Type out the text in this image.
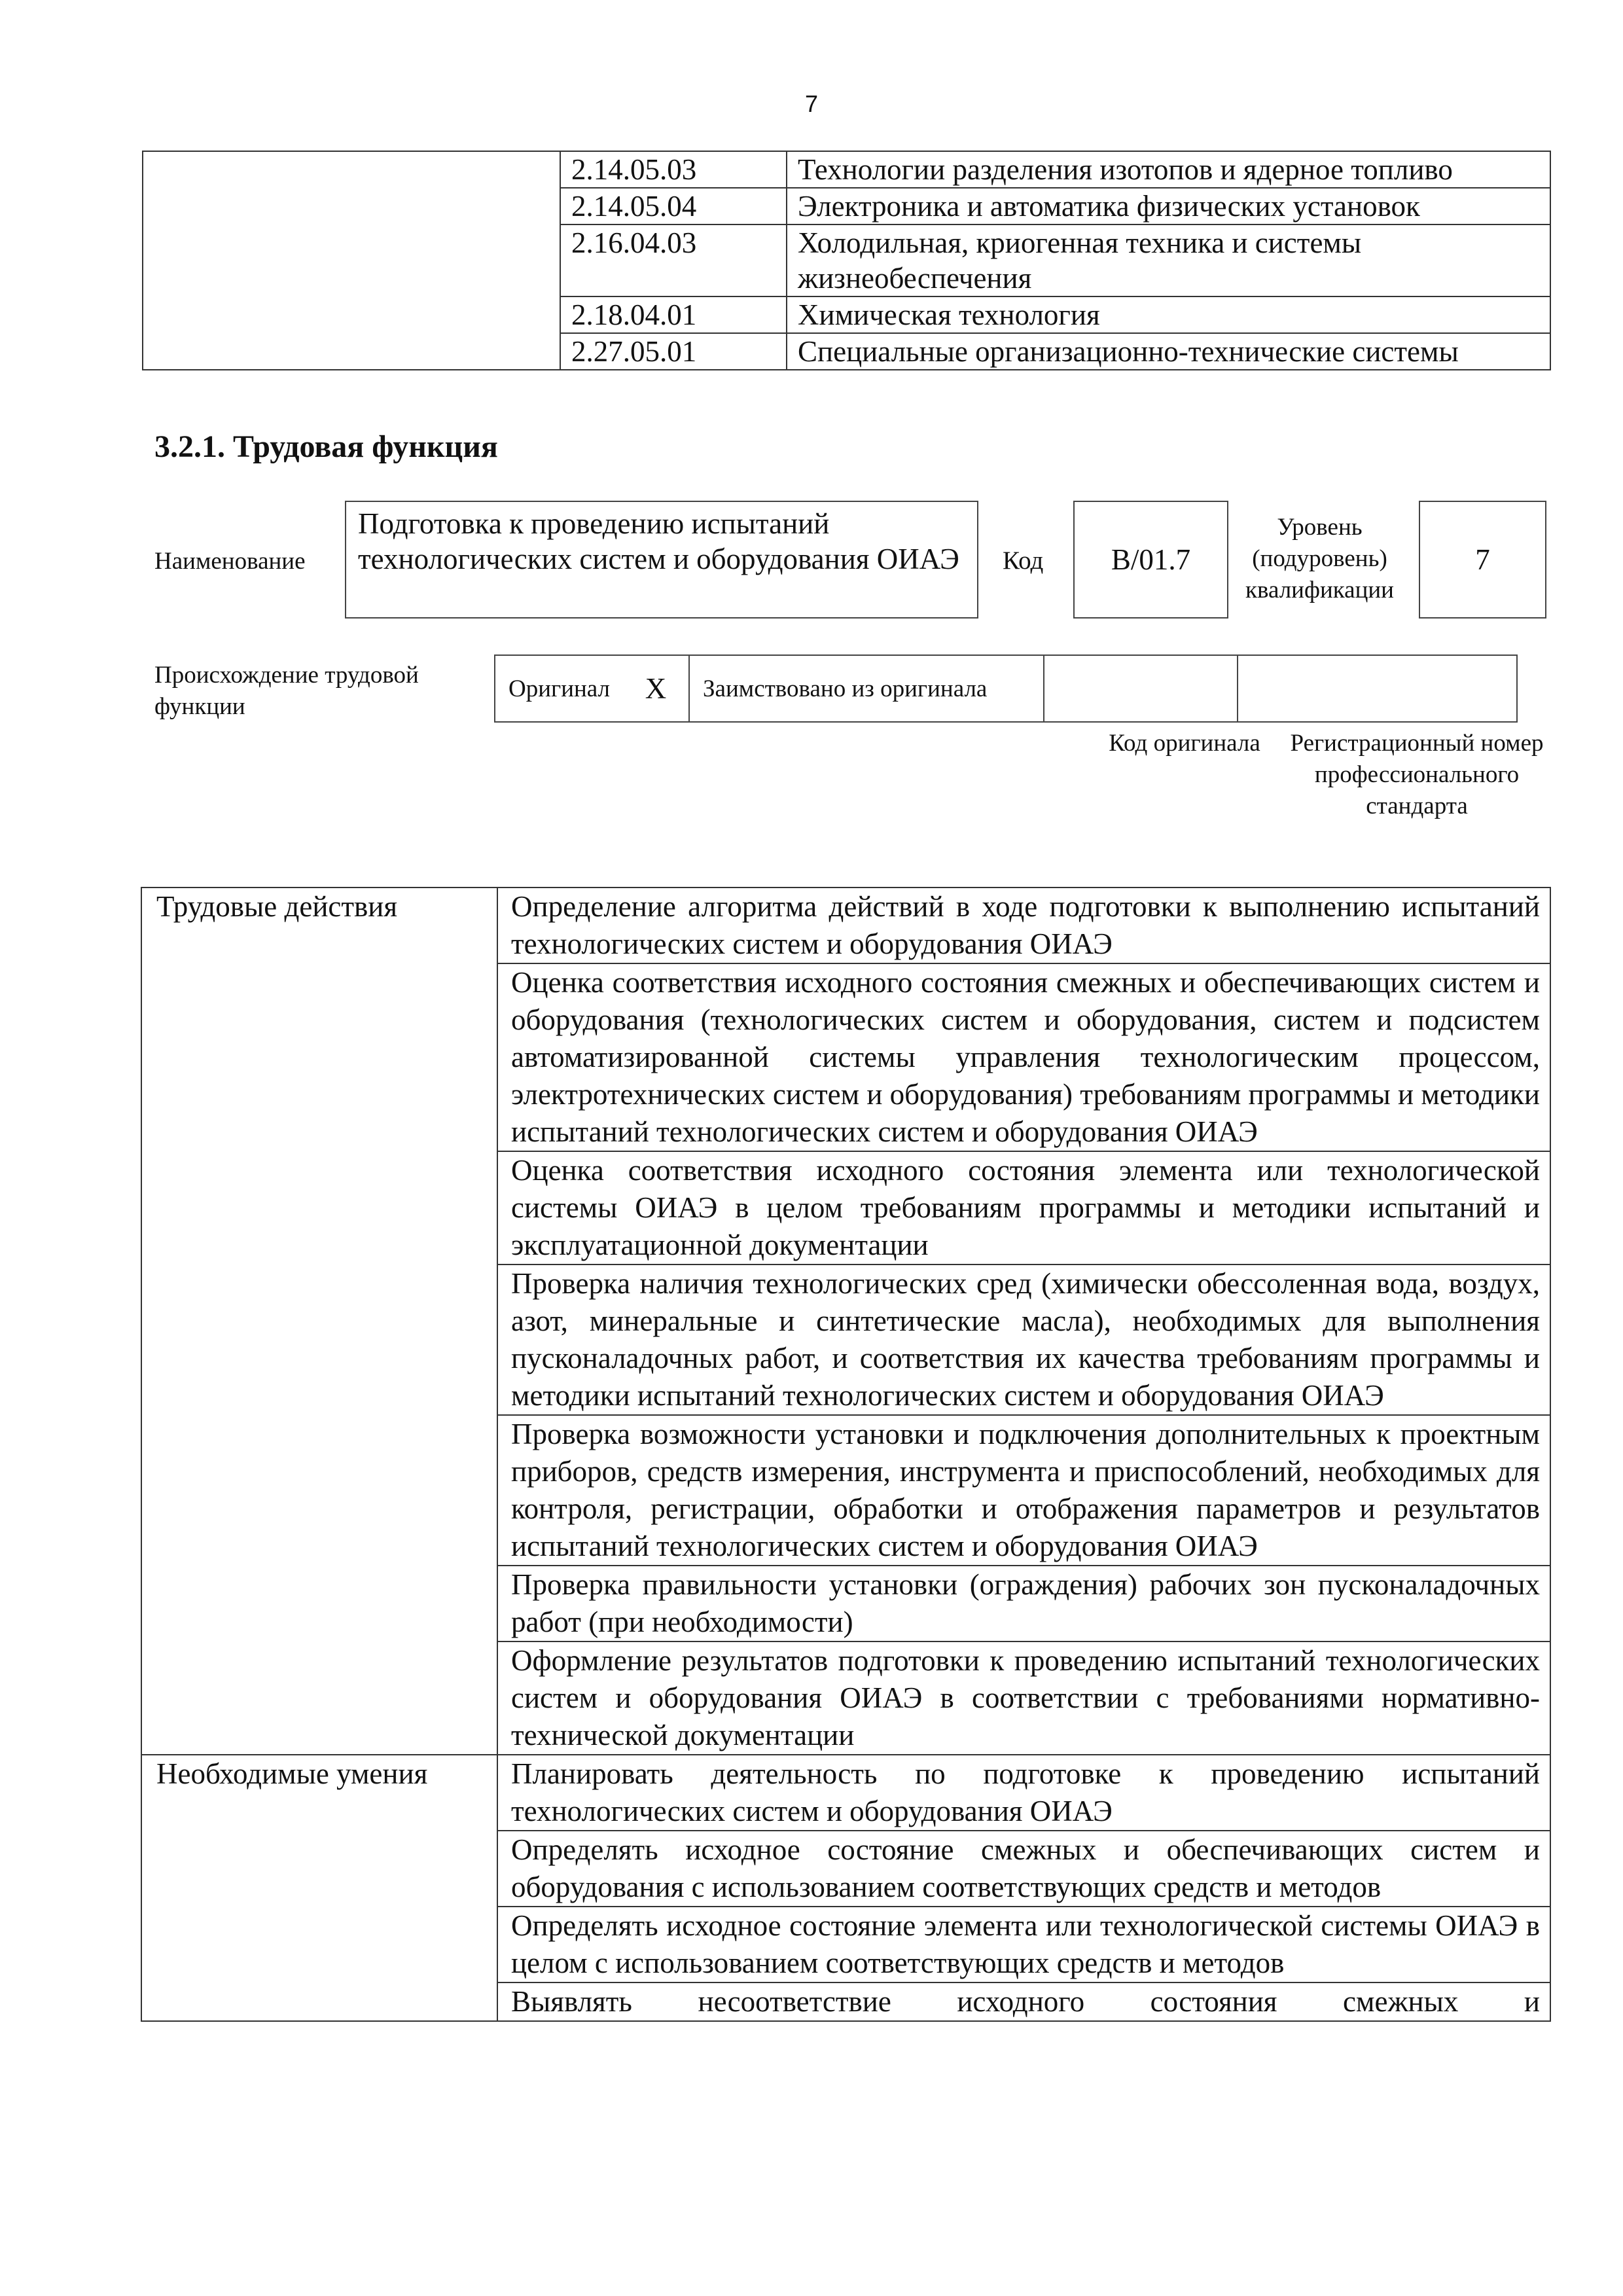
7
	2.14.05.03	Технологии разделения изотопов и ядерное топливо
	2.14.05.04	Электроника и автоматика физических установок
	2.16.04.03	Холодильная, криогенная техника и системы жизнеобеспечения
	2.18.04.01	Химическая технология
	2.27.05.01	Специальные организационно-технические системы
3.2.1. Трудовая функция
Наименование
Подготовка к проведению испытаний технологических систем и оборудования ОИАЭ	Код	B/01.7
Уровень (подуровень) квалификации
7
Происхождение трудовой функции
Оригинал	X	Заимствовано из оригинала		
Код оригинала	Регистрационный номер профессионального стандарта
Трудовые действия	Определение алгоритма действий в ходе подготовки к выполнению испытаний технологических систем и оборудования ОИАЭ
	Оценка соответствия исходного состояния смежных и обеспечивающих систем и оборудования (технологических систем и оборудования, систем и подсистем автоматизированной системы управления технологическим процессом, электротехнических систем и оборудования) требованиям программы и методики испытаний технологических систем и оборудования ОИАЭ
	Оценка соответствия исходного состояния элемента или технологической системы ОИАЭ в целом требованиям программы и методики испытаний и эксплуатационной документации
	Проверка наличия технологических сред (химически обессоленная вода, воздух, азот, минеральные и синтетические масла), необходимых для выполнения пусконаладочных работ, и соответствия их качества требованиям программы и методики испытаний технологических систем и оборудования ОИАЭ
	Проверка возможности установки и подключения дополнительных к проектным приборов, средств измерения, инструмента и приспособлений, необходимых для контроля, регистрации, обработки и отображения параметров и результатов испытаний технологических систем и оборудования ОИАЭ
	Проверка правильности установки (ограждения) рабочих зон пусконаладочных работ (при необходимости)
	Оформление результатов подготовки к проведению испытаний технологических систем и оборудования ОИАЭ в соответствии с требованиями нормативно-технической документации
Необходимые умения	Планировать деятельность по подготовке к проведению испытаний технологических систем и оборудования ОИАЭ
	Определять исходное состояние смежных и обеспечивающих систем и оборудования с использованием соответствующих средств и методов
	Определять исходное состояние элемента или технологической системы ОИАЭ в целом с использованием соответствующих средств и методов
	Выявлять несоответствие исходного состояния смежных и
